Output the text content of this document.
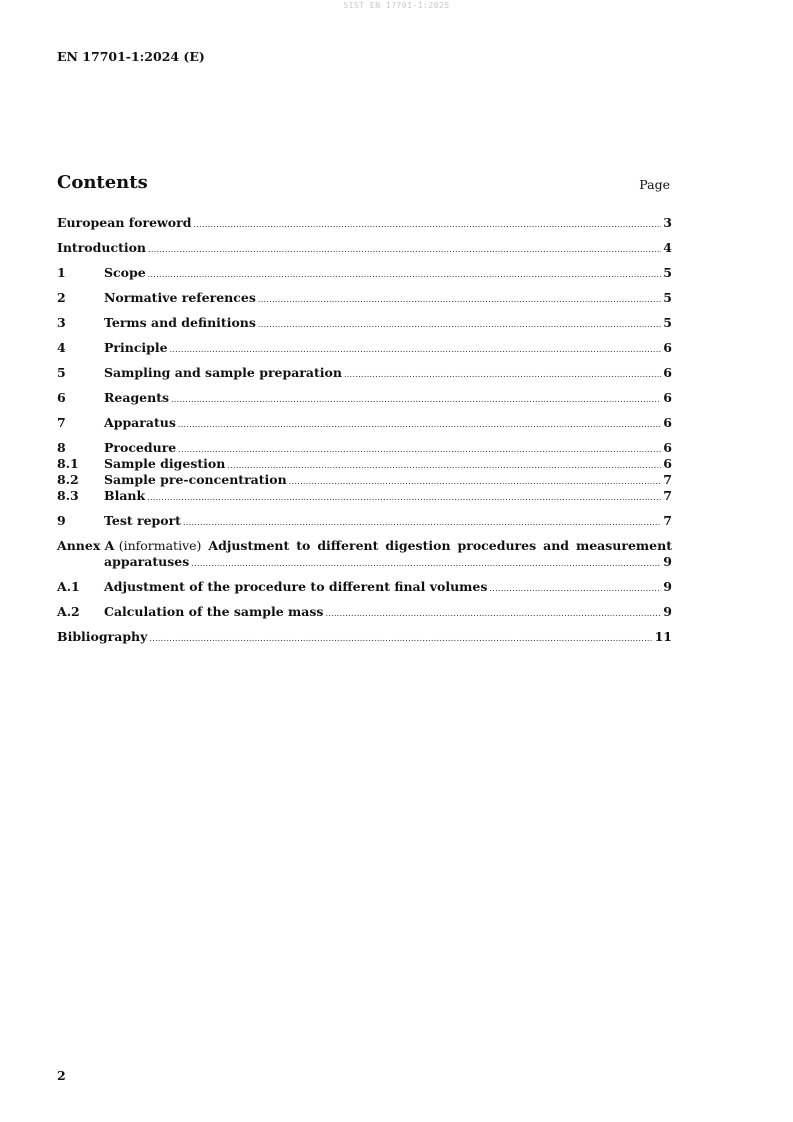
SIST EN 17701-1:2025
EN 17701-1:2024 (E)
Contents	Page
European foreword .....	3
Introduction .....	4
1	Scope .....	5
2	Normative references .....	5
3	Terms and definitions .....	5
4	Principle .....	6
5	Sampling and sample preparation .....	6
6	Reagents .....	6
7	Apparatus .....	6
8	Procedure .....	6
8.1	Sample digestion .....	6
8.2	Sample pre-concentration .....	7
8.3	Blank .....	7
9	Test report .....	7
Annex A (informative) Adjustment to different digestion procedures and measurement
apparatuses .....	9
A.1	Adjustment of the procedure to different final volumes .....	9
A.2	Calculation of the sample mass .....	9
Bibliography .....	11
2
